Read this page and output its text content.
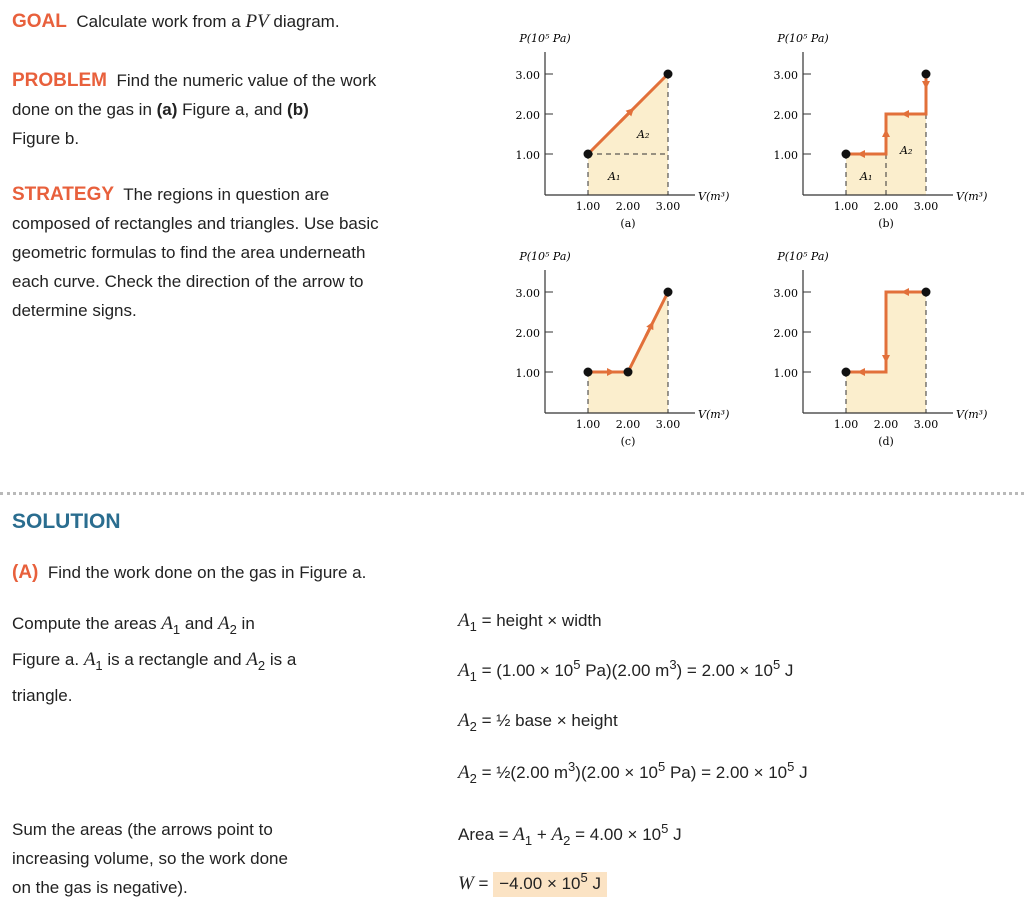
GOAL Calculate work from a PV diagram.
PROBLEM Find the numeric value of the work
done on the gas in (a) Figure a, and (b)
Figure b.
STRATEGY The regions in question are
composed of rectangles and triangles. Use basic
geometric formulas to find the area underneath
each curve. Check the direction of the arrow to
determine signs.
3.00
2.00
1.00
1.00 2.00 3.00
P(10⁵ Pa)
V(m³)
(a)
A₁
A₂
3.00
2.00
1.00
1.00 2.00 3.00
P(10⁵ Pa)
V(m³)
(b)
A₁
A₂
3.00
2.00
1.00
1.00 2.00 3.00
P(10⁵ Pa)
V(m³)
(c)
3.00
2.00
1.00
1.00 2.00 3.00
P(10⁵ Pa)
V(m³)
(d)
SOLUTION
(A) Find the work done on the gas in Figure a.
Compute the areas $A_1$ and $A_2$ in
Figure a. $A_1$ is a rectangle and $A_2$ is a
triangle.
$A_1$ = height × width
$A_1 = (1.00 \times 10^5$ Pa)(2.00 $m^3) = 2.00 \times 10^5$ J
$A_2$ = ½ base × height
$A_2$ = ½(2.00 $m^3)(2.00 \times 10^5$ $Pa) = 2.00 \times 10^5$ J
Sum the areas (the arrows point to
increasing volume, so the work done
on the gas is negative).
Area = $A_1 + A_2 = 4.00 \times 10^5$ J
$W = -4.00 \times 10^5$ J
